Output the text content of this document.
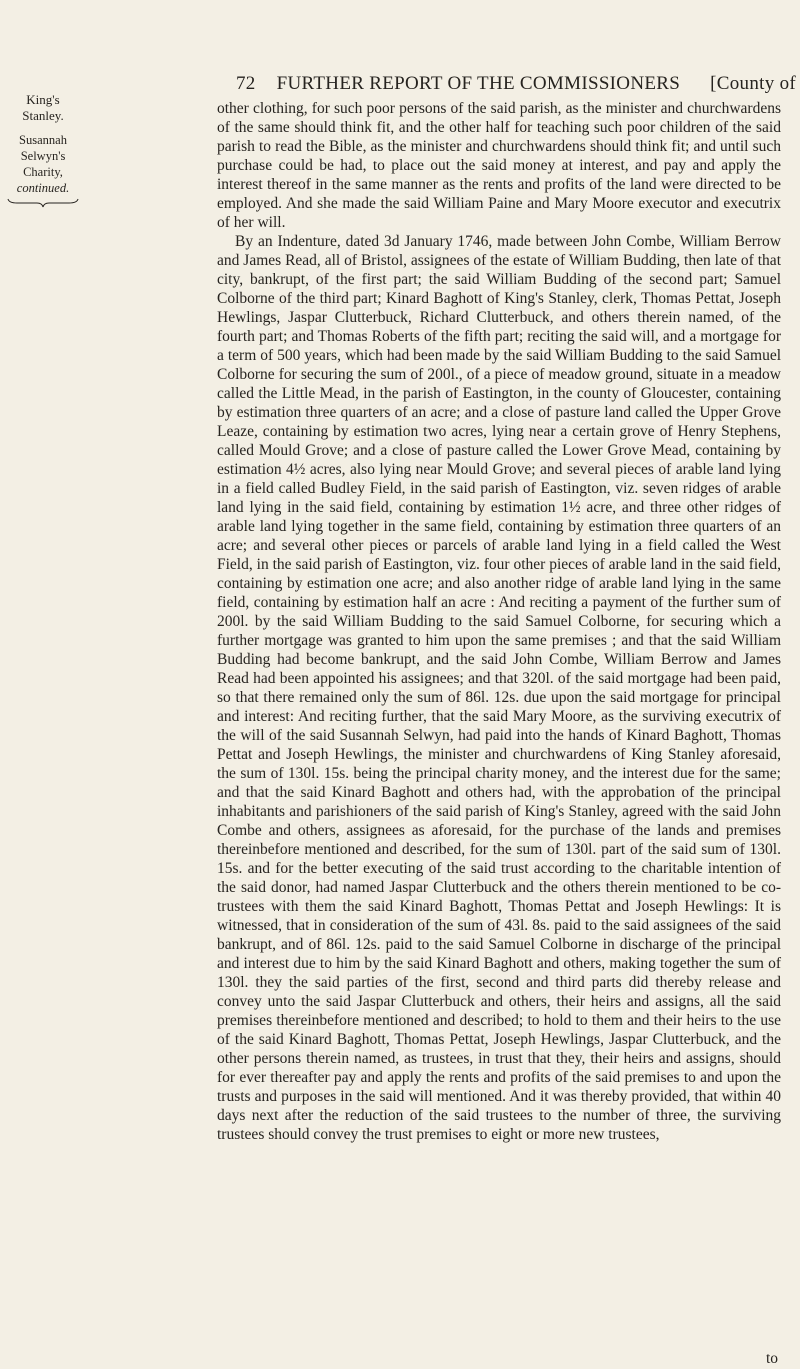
72 FURTHER REPORT OF THE COMMISSIONERS [County of
King's Stanley.
Susannah Selwyn's Charity,
continued.

other clothing, for such poor persons of the said parish, as the minister and churchwardens of the same should think fit, and the other half for teaching such poor children of the said parish to read the Bible, as the minister and churchwardens should think fit; and until such purchase could be had, to place out the said money at interest, and pay and apply the interest thereof in the same manner as the rents and profits of the land were directed to be employed. And she made the said William Paine and Mary Moore executor and executrix of her will.

By an Indenture, dated 3d January 1746, made between John Combe, William Berrow and James Read, all of Bristol, assignees of the estate of William Budding, then late of that city, bankrupt, of the first part; the said William Budding of the second part; Samuel Colborne of the third part; Kinard Baghott of King's Stanley, clerk, Thomas Pettat, Joseph Hewlings, Jaspar Clutterbuck, Richard Clutterbuck, and others therein named, of the fourth part; and Thomas Roberts of the fifth part; reciting the said will, and a mortgage for a term of 500 years, which had been made by the said William Budding to the said Samuel Colborne for securing the sum of 200l., of a piece of meadow ground, situate in a meadow called the Little Mead, in the parish of Eastington, in the county of Gloucester, containing by estimation three quarters of an acre; and a close of pasture land called the Upper Grove Leaze, containing by estimation two acres, lying near a certain grove of Henry Stephens, called Mould Grove; and a close of pasture called the Lower Grove Mead, containing by estimation 4½ acres, also lying near Mould Grove; and several pieces of arable land lying in a field called Budley Field, in the said parish of Eastington, viz. seven ridges of arable land lying in the said field, containing by estimation 1½ acre, and three other ridges of arable land lying together in the same field, containing by estimation three quarters of an acre; and several other pieces or parcels of arable land lying in a field called the West Field, in the said parish of Eastington, viz. four other pieces of arable land in the said field, containing by estimation one acre; and also another ridge of arable land lying in the same field, containing by estimation half an acre : And reciting a payment of the further sum of 200l. by the said William Budding to the said Samuel Colborne, for securing which a further mortgage was granted to him upon the same premises ; and that the said William Budding had become bankrupt, and the said John Combe, William Berrow and James Read had been appointed his assignees; and that 320l. of the said mortgage had been paid, so that there remained only the sum of 86l. 12s. due upon the said mortgage for principal and interest: And reciting further, that the said Mary Moore, as the surviving executrix of the will of the said Susannah Selwyn, had paid into the hands of Kinard Baghott, Thomas Pettat and Joseph Hewlings, the minister and churchwardens of King Stanley aforesaid, the sum of 130l. 15s. being the principal charity money, and the interest due for the same; and that the said Kinard Baghott and others had, with the approbation of the principal inhabitants and parishioners of the said parish of King's Stanley, agreed with the said John Combe and others, assignees as aforesaid, for the purchase of the lands and premises thereinbefore mentioned and described, for the sum of 130l. part of the said sum of 130l. 15s. and for the better executing of the said trust according to the charitable intention of the said donor, had named Jaspar Clutterbuck and the others therein mentioned to be co-trustees with them the said Kinard Baghott, Thomas Pettat and Joseph Hewlings: It is witnessed, that in consideration of the sum of 43l. 8s. paid to the said assignees of the said bankrupt, and of 86l. 12s. paid to the said Samuel Colborne in discharge of the principal and interest due to him by the said Kinard Baghott and others, making together the sum of 130l. they the said parties of the first, second and third parts did thereby release and convey unto the said Jaspar Clutterbuck and others, their heirs and assigns, all the said premises thereinbefore mentioned and described; to hold to them and their heirs to the use of the said Kinard Baghott, Thomas Pettat, Joseph Hewlings, Jaspar Clutterbuck, and the other persons therein named, as trustees, in trust that they, their heirs and assigns, should for ever thereafter pay and apply the rents and profits of the said premises to and upon the trusts and purposes in the said will mentioned. And it was thereby provided, that within 40 days next after the reduction of the said trustees to the number of three, the surviving trustees should convey the trust premises to eight or more new trustees,

to
